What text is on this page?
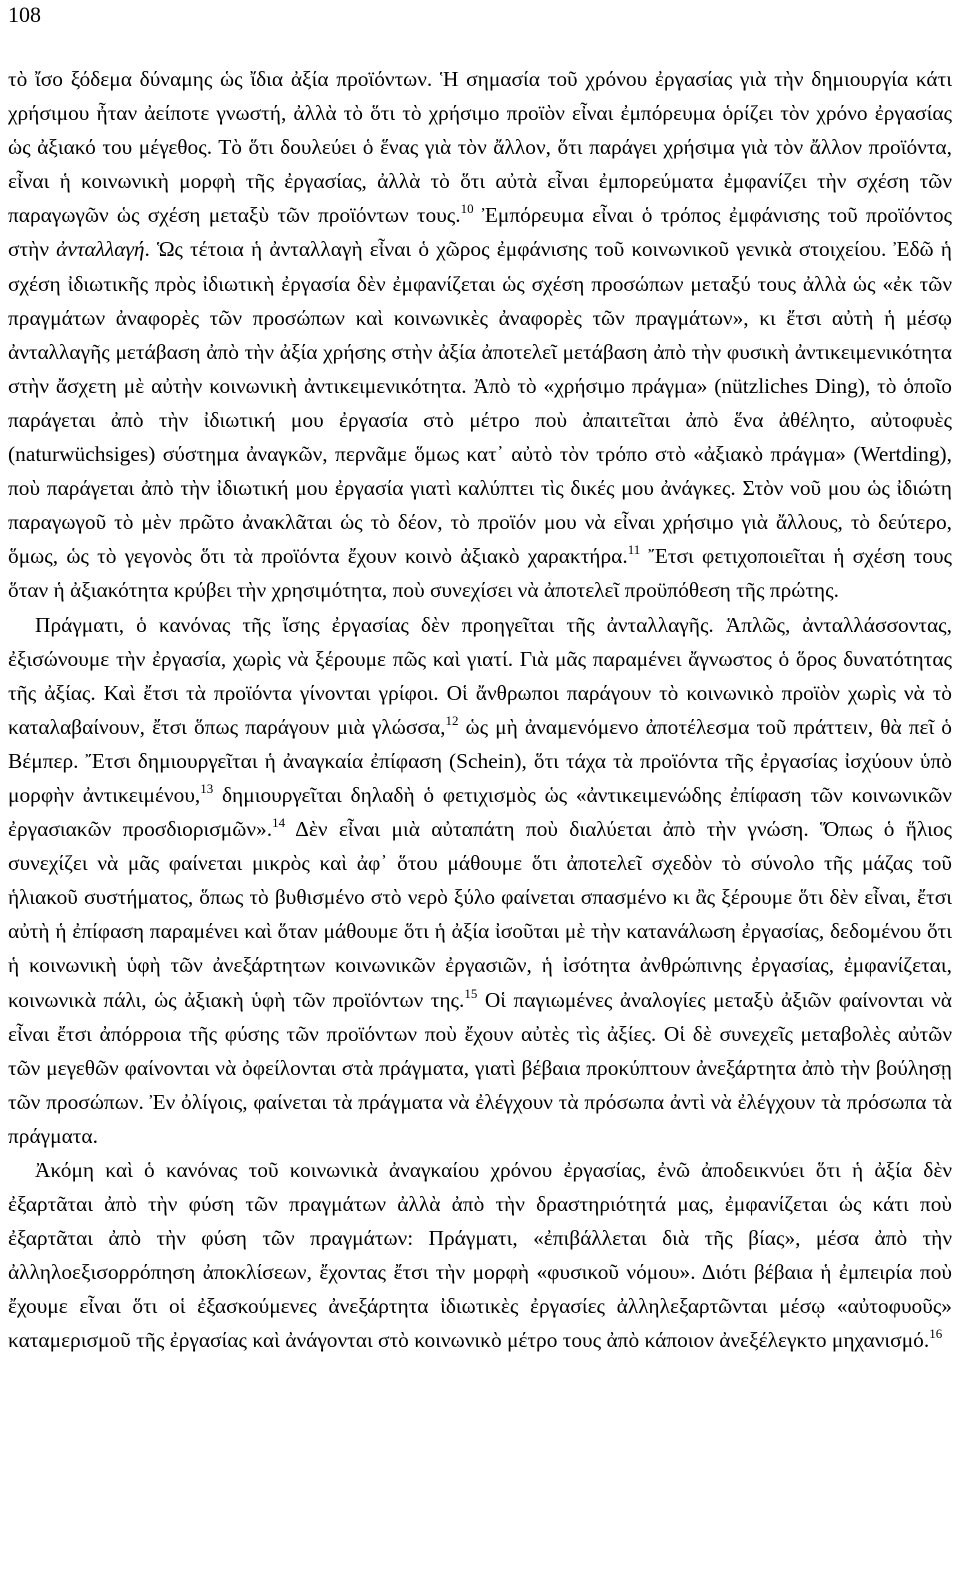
108

τὸ ἴσο ξόδεμα δύναμης ὡς ἴδια ἀξία προϊόντων. Ἡ σημασία τοῦ χρόνου ἐργασίας γιὰ τὴν δημιουργία κάτι χρήσιμου ἦταν ἀείποτε γνωστή, ἀλλὰ τὸ ὅτι τὸ χρήσιμο προϊὸν εἶναι ἐμπόρευμα ὁρίζει τὸν χρόνο ἐργασίας ὡς ἀξιακό του μέγεθος. Τὸ ὅτι δουλεύει ὁ ἕνας γιὰ τὸν ἄλλον, ὅτι παράγει χρήσιμα γιὰ τὸν ἄλλον προϊόντα, εἶναι ἡ κοινωνικὴ μορφὴ τῆς ἐργασίας, ἀλλὰ τὸ ὅτι αὐτὰ εἶναι ἐμπορεύματα ἐμφανίζει τὴν σχέση τῶν παραγωγῶν ὡς σχέση μεταξὺ τῶν προϊόντων τους.$^{10}$ Ἐμπόρευμα εἶναι ὁ τρόπος ἐμφάνισης τοῦ προϊόντος στὴν ἀνταλλαγή. Ὡς τέτοια ἡ ἀνταλλαγὴ εἶναι ὁ χῶρος ἐμφάνισης τοῦ κοινωνικοῦ γενικὰ στοιχείου. Ἐδῶ ἡ σχέση ἰδιωτικῆς πρὸς ἰδιωτικὴ ἐργασία δὲν ἐμφανίζεται ὡς σχέση προσώπων μεταξύ τους ἀλλὰ ὡς «ἐκ τῶν πραγμάτων ἀναφορὲς τῶν προσώπων καὶ κοινωνικὲς ἀναφορὲς τῶν πραγμάτων», κι ἔτσι αὐτὴ ἡ μέσῳ ἀνταλλαγῆς μετάβαση ἀπὸ τὴν ἀξία χρήσης στὴν ἀξία ἀποτελεῖ μετάβαση ἀπὸ τὴν φυσικὴ ἀντικειμενικότητα στὴν ἄσχετη μὲ αὐτὴν κοινωνικὴ ἀντικειμενικότητα. Ἀπὸ τὸ «χρήσιμο πράγμα» (nützliches Ding), τὸ ὁποῖο παράγεται ἀπὸ τὴν ἰδιωτική μου ἐργασία στὸ μέτρο ποὺ ἀπαιτεῖται ἀπὸ ἕνα ἀθέλητο, αὐτοφυὲς (naturwüchsiges) σύστημα ἀναγκῶν, περνᾶμε ὅμως κατ᾽ αὐτὸ τὸν τρόπο στὸ «ἀξιακὸ πράγμα» (Wertding), ποὺ παράγεται ἀπὸ τὴν ἰδιωτική μου ἐργασία γιατὶ καλύπτει τὶς δικές μου ἀνάγκες. Στὸν νοῦ μου ὡς ἰδιώτη παραγωγοῦ τὸ μὲν πρῶτο ἀνακλᾶται ὡς τὸ δέον, τὸ προϊόν μου νὰ εἶναι χρήσιμο γιὰ ἄλλους, τὸ δεύτερο, ὅμως, ὡς τὸ γεγονὸς ὅτι τὰ προϊόντα ἔχουν κοινὸ ἀξιακὸ χαρακτήρα.$^{11}$ Ἔτσι φετιχοποιεῖται ἡ σχέση τους ὅταν ἡ ἀξιακότητα κρύβει τὴν χρησιμότητα, ποὺ συνεχίσει νὰ ἀποτελεῖ προϋπόθεση τῆς πρώτης.

Πράγματι, ὁ κανόνας τῆς ἴσης ἐργασίας δὲν προηγεῖται τῆς ἀνταλλαγῆς. Ἁπλῶς, ἀνταλλάσσοντας, ἐξισώνουμε τὴν ἐργασία, χωρὶς νὰ ξέρουμε πῶς καὶ γιατί. Γιὰ μᾶς παραμένει ἄγνωστος ὁ ὅρος δυνατότητας τῆς ἀξίας. Καὶ ἔτσι τὰ προϊόντα γίνονται γρίφοι. Οἱ ἄνθρωποι παράγουν τὸ κοινωνικὸ προϊὸν χωρὶς νὰ τὸ καταλαβαίνουν, ἔτσι ὅπως παράγουν μιὰ γλώσσα,$^{12}$ ὡς μὴ ἀναμενόμενο ἀποτέλεσμα τοῦ πράττειν, θὰ πεῖ ὁ Βέμπερ. Ἔτσι δημιουργεῖται ἡ ἀναγκαία ἐπίφαση (Schein), ὅτι τάχα τὰ προϊόντα τῆς ἐργασίας ἰσχύουν ὑπὸ μορφὴν ἀντικειμένου,$^{13}$ δημιουργεῖται δηλαδὴ ὁ φετιχισμὸς ὡς «ἀντικειμενώδης ἐπίφαση τῶν κοινωνικῶν ἐργασιακῶν προσδιορισμῶν».$^{14}$ Δὲν εἶναι μιὰ αὐταπάτη ποὺ διαλύεται ἀπὸ τὴν γνώση. Ὅπως ὁ ἥλιος συνεχίζει νὰ μᾶς φαίνεται μικρὸς καὶ ἀφ᾽ ὅτου μάθουμε ὅτι ἀποτελεῖ σχεδὸν τὸ σύνολο τῆς μάζας τοῦ ἡλιακοῦ συστήματος, ὅπως τὸ βυθισμένο στὸ νερὸ ξύλο φαίνεται σπασμένο κι ἂς ξέρουμε ὅτι δὲν εἶναι, ἔτσι αὐτὴ ἡ ἐπίφαση παραμένει καὶ ὅταν μάθουμε ὅτι ἡ ἀξία ἰσοῦται μὲ τὴν κατανάλωση ἐργασίας, δεδομένου ὅτι ἡ κοινωνικὴ ὑφὴ τῶν ἀνεξάρτητων κοινωνικῶν ἐργασιῶν, ἡ ἰσότητα ἀνθρώπινης ἐργασίας, ἐμφανίζεται, κοινωνικὰ πάλι, ὡς ἀξιακὴ ὑφὴ τῶν προϊόντων της.$^{15}$ Οἱ παγιωμένες ἀναλογίες μεταξὺ ἀξιῶν φαίνονται νὰ εἶναι ἔτσι ἀπόρροια τῆς φύσης τῶν προϊόντων ποὺ ἔχουν αὐτὲς τὶς ἀξίες. Οἱ δὲ συνεχεῖς μεταβολὲς αὐτῶν τῶν μεγεθῶν φαίνονται νὰ ὀφείλονται στὰ πράγματα, γιατὶ βέβαια προκύπτουν ἀνεξάρτητα ἀπὸ τὴν βούλησῃ τῶν προσώπων. Ἐν ὀλίγοις, φαίνεται τὰ πράγματα νὰ ἐλέγχουν τὰ πρόσωπα ἀντὶ νὰ ἐλέγχουν τὰ πρόσωπα τὰ πράγματα.

Ἀκόμη καὶ ὁ κανόνας τοῦ κοινωνικὰ ἀναγκαίου χρόνου ἐργασίας, ἐνῶ ἀποδεικνύει ὅτι ἡ ἀξία δὲν ἐξαρτᾶται ἀπὸ τὴν φύση τῶν πραγμάτων ἀλλὰ ἀπὸ τὴν δραστηριότητά μας, ἐμφανίζεται ὡς κάτι ποὺ ἐξαρτᾶται ἀπὸ τὴν φύση τῶν πραγμάτων: Πράγματι, «ἐπιβάλλεται διὰ τῆς βίας», μέσα ἀπὸ τὴν ἀλληλοεξισορρόπηση ἀποκλίσεων, ἔχοντας ἔτσι τὴν μορφὴ «φυσικοῦ νόμου». Διότι βέβαια ἡ ἐμπειρία ποὺ ἔχουμε εἶναι ὅτι οἱ ἐξασκούμενες ἀνεξάρτητα ἰδιωτικὲς ἐργασίες ἀλληλεξαρτῶνται μέσῳ «αὐτοφυοῦς» καταμερισμοῦ τῆς ἐργασίας καὶ ἀνάγονται στὸ κοινωνικὸ μέτρο τους ἀπὸ κάποιον ἀνεξέλεγκτο μηχανισμό.$^{16}$
